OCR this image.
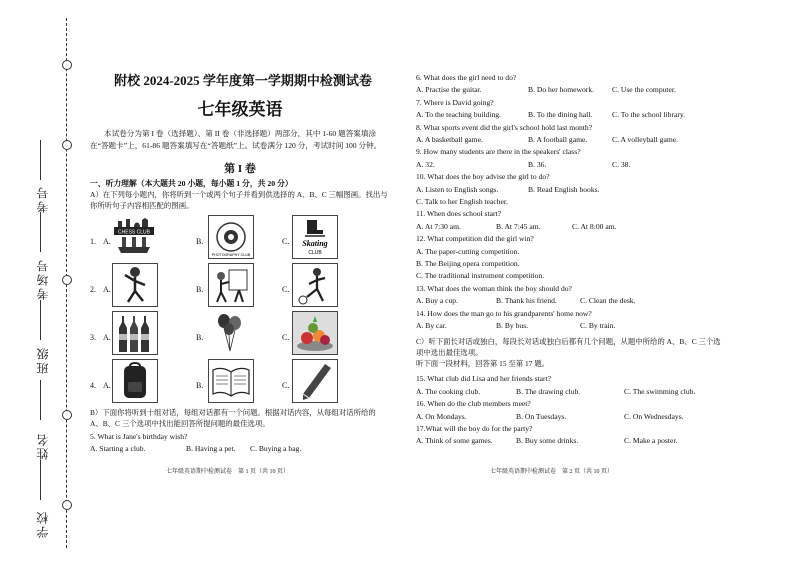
考号
考场号
班级
姓名
学校
附校 2024-2025 学年度第一学期期中检测试卷
七年级英语
本试卷分为第 I 卷（选择题）、第 II 卷（非选择题）两部分，其中 1-60 题答案填涂在“答题卡”上，61-86 题答案填写在“答题纸”上。试卷满分 120 分，考试时间 100 分钟。
第 I 卷
一、听力理解（本大题共 20 小题，每小题 1 分，共 20 分）
A）在下列每小题内，你将听到一个或两个句子并看到供选择的 A、B、C 三幅图画。找出与你所听句子内容相匹配的图画。
1. A.
CHESS CLUB
B.
PHOTOGRAPHY CLUB
C. Skating
CLUB
2. A.	B.	C.
3. A.	B.	C.
4. A.	B.	C.
B）下面你将听到十组对话，每组对话都有一个问题。根据对话内容，从每组对话所给的 A、B、C 三个选项中找出能回答所提问题的最佳选项。
5. What is Jane's birthday wish?
A. Starting a club.	B. Having a pet. C. Buying a bag.
七年级英语期中检测试卷　第 1 页（共 10 页）
6. What does the girl need to do?
A. Practise the guitar.	B. Do her homework. C. Use the computer.
7. Where is David going?
A. To the teaching building.	B. To the dining hall.	C. To the school library.
8. What sports event did the girl's school hold last month?
A. A basketball game.	B. A football game.	C. A volleyball game.
9. How many students are there in the speakers' class?
A. 32.	B. 36.	C. 38.
10. What does the boy advise the girl to do?
A. Listen to English songs.	B. Read English books.
C. Talk to her English teacher.
11. When does school start?
A. At 7:30 am.	B. At 7:45 am.	C. At 8:00 am.
12. What competition did the girl win?
A. The paper-cutting competition.
B. The Beijing opera competition.
C. The traditional instrument competition.
13. What does the woman think the boy should do?
A. Buy a cup.	B. Thank his friend.	C. Clean the desk.
14. How does the man go to his grandparents' home now?
A. By car.	B. By bus.	C. By train.
C）听下面长对话或独白，每段长对话或独白后都有几个问题，从题中所给的 A、B、C 三个选项中选出最佳选项。
听下面一段材料，回答第 15 至第 17 题。
15. What club did Lisa and her friends start?
A. The cooking club.	B. The drawing club.	C. The swimming club.
16. When do the club members meet?
A. On Mondays.	B. On Tuesdays.	C. On Wednesdays.
17.What will the boy do for the party?
A. Think of some games.	B. Buy some drinks.	C. Make a poster.
七年级英语期中检测试卷　第 2 页（共 10 页）
